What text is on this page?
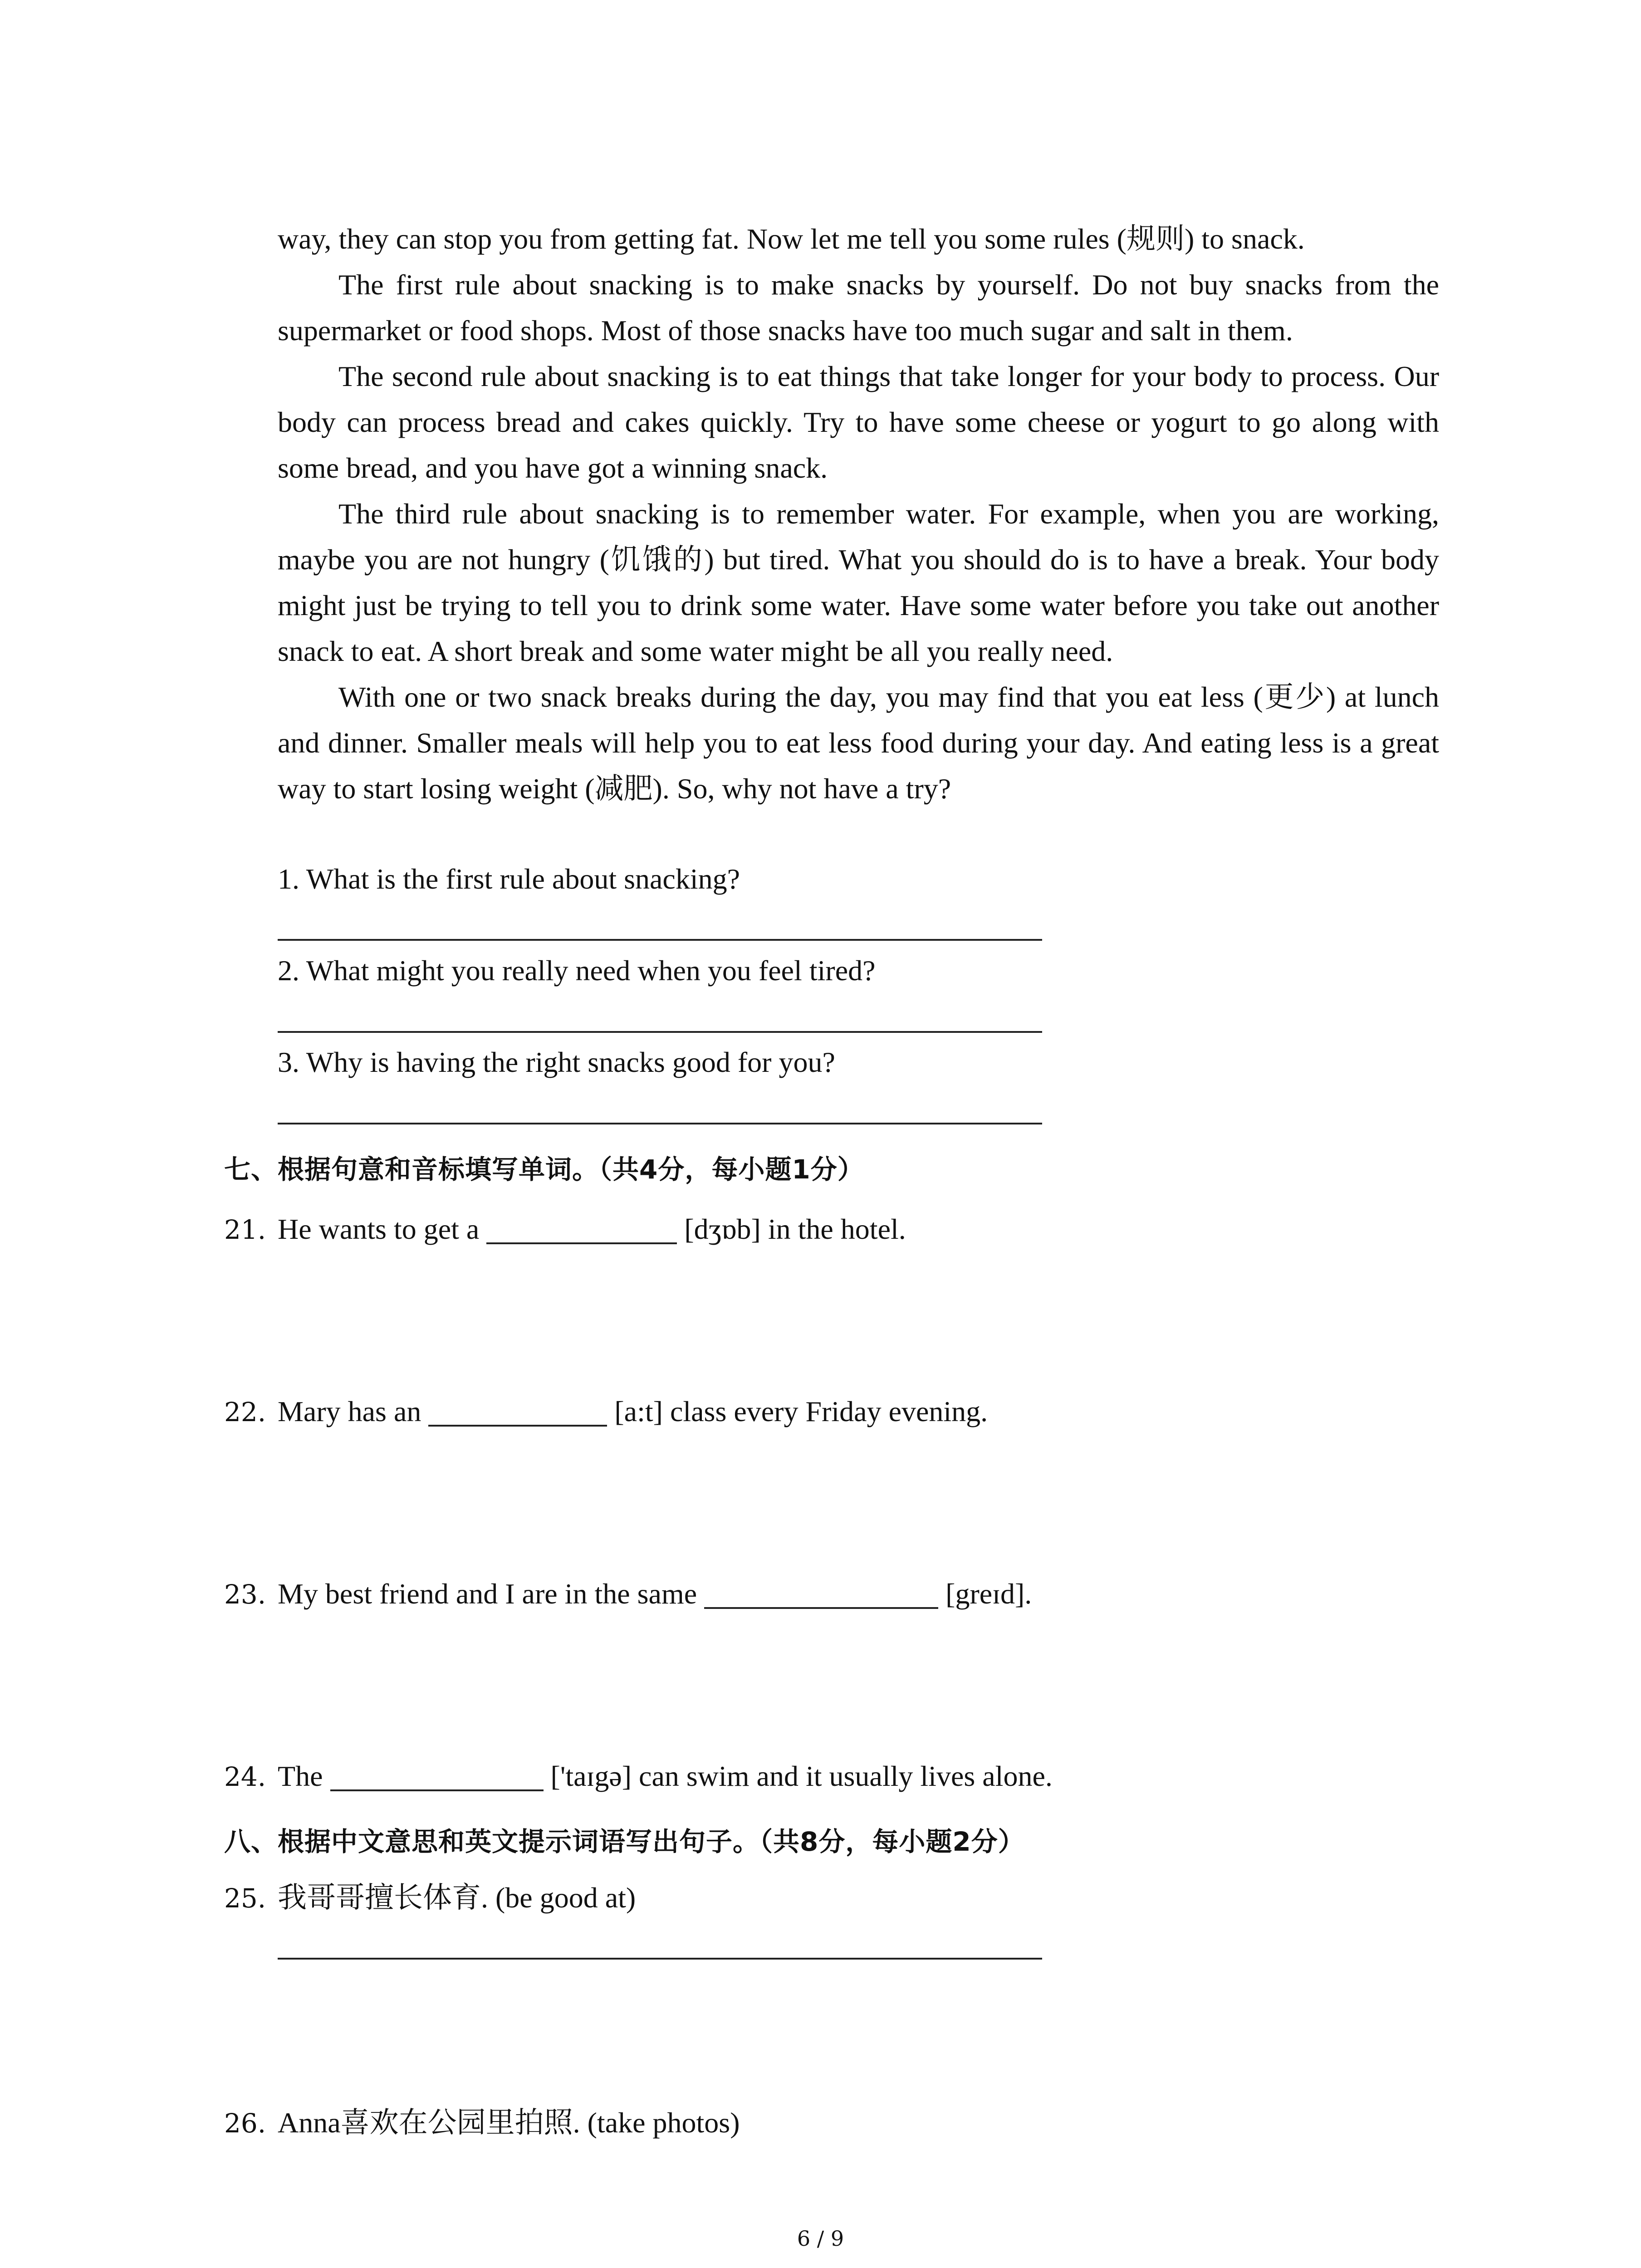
way, they can stop you from getting fat. Now let me tell you some rules (规则) to snack.

The first rule about snacking is to make snacks by yourself. Do not buy snacks from the supermarket or food shops. Most of those snacks have too much sugar and salt in them.

The second rule about snacking is to eat things that take longer for your body to process. Our body can process bread and cakes quickly. Try to have some cheese or yogurt to go along with some bread, and you have got a winning snack.

The third rule about snacking is to remember water. For example, when you are working, maybe you are not hungry (饥饿的) but tired. What you should do is to have a break. Your body might just be trying to tell you to drink some water. Have some water before you take out another snack to eat. A short break and some water might be all you really need.

With one or two snack breaks during the day, you may find that you eat less (更少) at lunch and dinner. Smaller meals will help you to eat less food during your day. And eating less is a great way to start losing weight (减肥). So, why not have a try?

1. What is the first rule about snacking?

2. What might you really need when you feel tired?

3. Why is having the right snacks good for you?

七、根据句意和音标填写单词。（共4分，每小题1分）

21. He wants to get a	[dʒɒb] in the hotel.

22. Mary has an	[a:t] class every Friday evening.

23. My best friend and I are in the same	[greɪd].

24. The	['taɪgə] can swim and it usually lives alone.

八、根据中文意思和英文提示词语写出句子。（共8分，每小题2分）

25. 我哥哥擅长体育. (be good at)

26. Anna喜欢在公园里拍照. (take photos)

6 / 9
